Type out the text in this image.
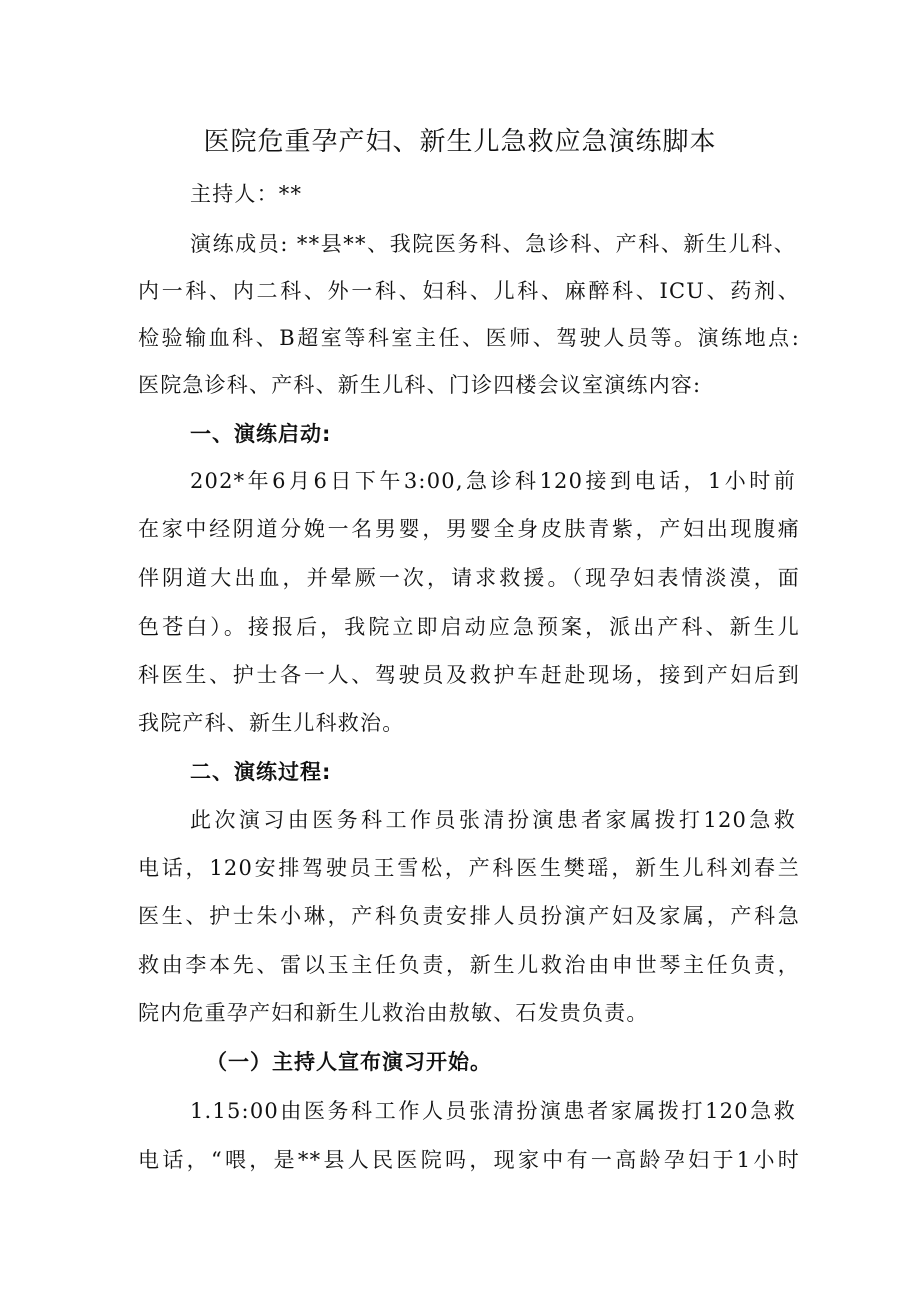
医院危重孕产妇、新生儿急救应急演练脚本

主持人：**

演练成员: **县**、我院医务科、急诊科、产科、新生儿科、

内一科、内二科、外一科、妇科、儿科、麻醉科、ICU、药剂、

检验输血科、B超室等科室主任、医师、驾驶人员等。演练地点:

医院急诊科、产科、新生儿科、门诊四楼会议室演练内容:

一、演练启动:

202*年6月6日下午3:00,急诊科120接到电话，1小时前

在家中经阴道分娩一名男婴，男婴全身皮肤青紫，产妇出现腹痛

伴阴道大出血，并晕厥一次，请求救援。（现孕妇表情淡漠，面

色苍白）。接报后，我院立即启动应急预案，派出产科、新生儿

科医生、护士各一人、驾驶员及救护车赶赴现场，接到产妇后到

我院产科、新生儿科救治。

二、演练过程:

此次演习由医务科工作员张清扮演患者家属拨打120急救

电话，120安排驾驶员王雪松，产科医生樊瑶，新生儿科刘春兰

医生、护士朱小琳，产科负责安排人员扮演产妇及家属，产科急

救由李本先、雷以玉主任负责，新生儿救治由申世琴主任负责，

院内危重孕产妇和新生儿救治由敖敏、石发贵负责。

（一）主持人宣布演习开始。

1.15:00由医务科工作人员张清扮演患者家属拨打120急救

电话，“喂，是**县人民医院吗，现家中有一高龄孕妇于1小时
